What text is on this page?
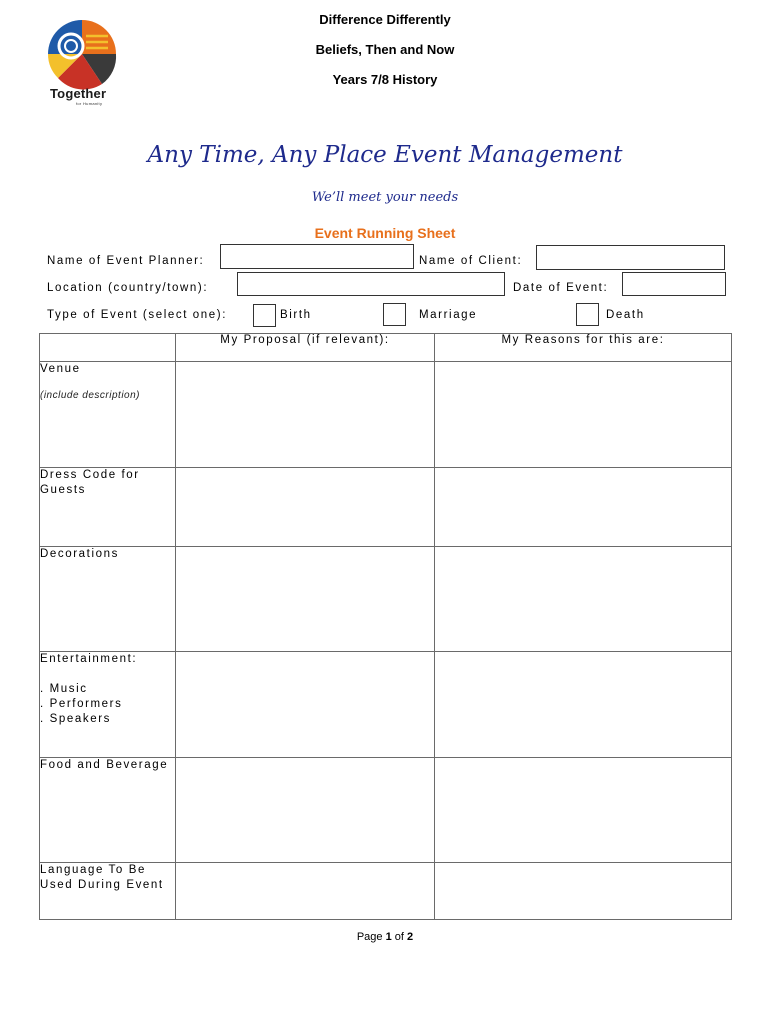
Together
for Humanity
Difference Differently
Beliefs, Then and Now
Years 7/8 History
Any Time, Any Place Event Management
We’ll meet your needs
Event Running Sheet
Name of Event Planner:	Name of Client:
Location (country/town):	Date of Event:
Type of Event (select one):	Birth	Marriage	Death
	My Proposal (if relevant):	My Reasons for this are:

Venue
(include description)		

Dress Code for Guests		
Decorations		

Entertainment:
. Music
. Performers
. Speakers		

Food and Beverage		
Language To Be Used During Event		
Page 1 of 2
